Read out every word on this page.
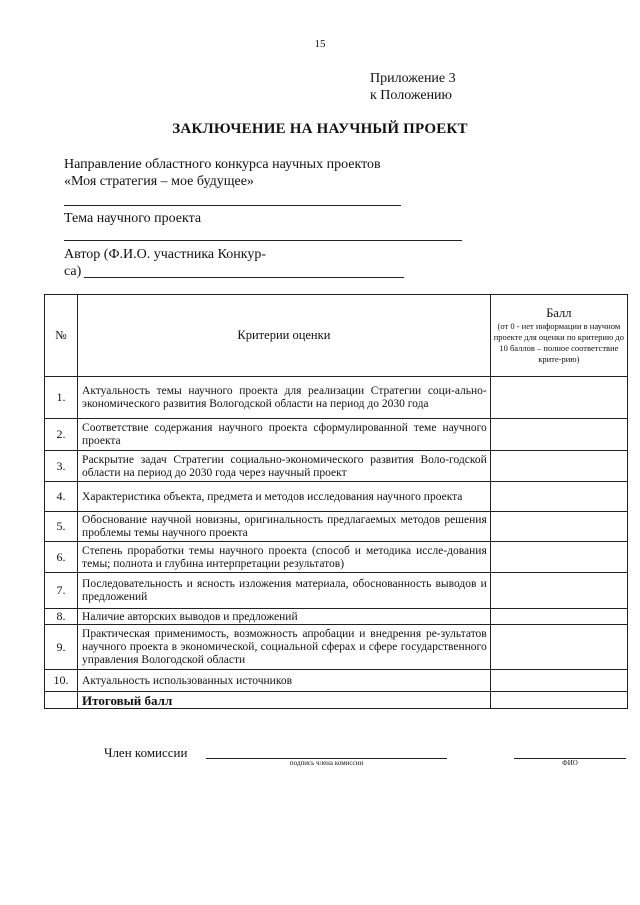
15
Приложение 3
к Положению
ЗАКЛЮЧЕНИЕ НА НАУЧНЫЙ ПРОЕКТ
Направление областного конкурса научных проектов
«Моя стратегия – мое будущее»
Тема научного проекта
Автор (Ф.И.О. участника Конкур-
са)
№	Критерии оценки	Балл
(от 0 - нет информации в научном проекте для оценки по критерию до 10 баллов – полное соответствие крите-рию)

1.	Актуальность темы научного проекта для реализации Стратегии соци-ально-экономического развития Вологодской области на период до 2030 года	
2.	Соответствие содержания научного проекта сформулированной теме научного проекта	
3.	Раскрытие задач Стратегии социально-экономического развития Воло-годской области на период до 2030 года через научный проект	
4.	Характеристика объекта, предмета и методов исследования научного проекта	
5.	Обоснование научной новизны, оригинальность предлагаемых методов решения проблемы темы научного проекта	
6.	Степень проработки темы научного проекта (способ и методика иссле-дования темы; полнота и глубина интерпретации результатов)	
7.	Последовательность и ясность изложения материала, обоснованность выводов и предложений	
8.	Наличие авторских выводов и предложений	
9.	Практическая применимость, возможность апробации и внедрения ре-зультатов научного проекта в экономической, социальной сферах и сфере государственного управления Вологодской области	
10.	Актуальность использованных источников	
	Итоговый балл	
Член комиссии
подпись члена комиссии	ФИО
